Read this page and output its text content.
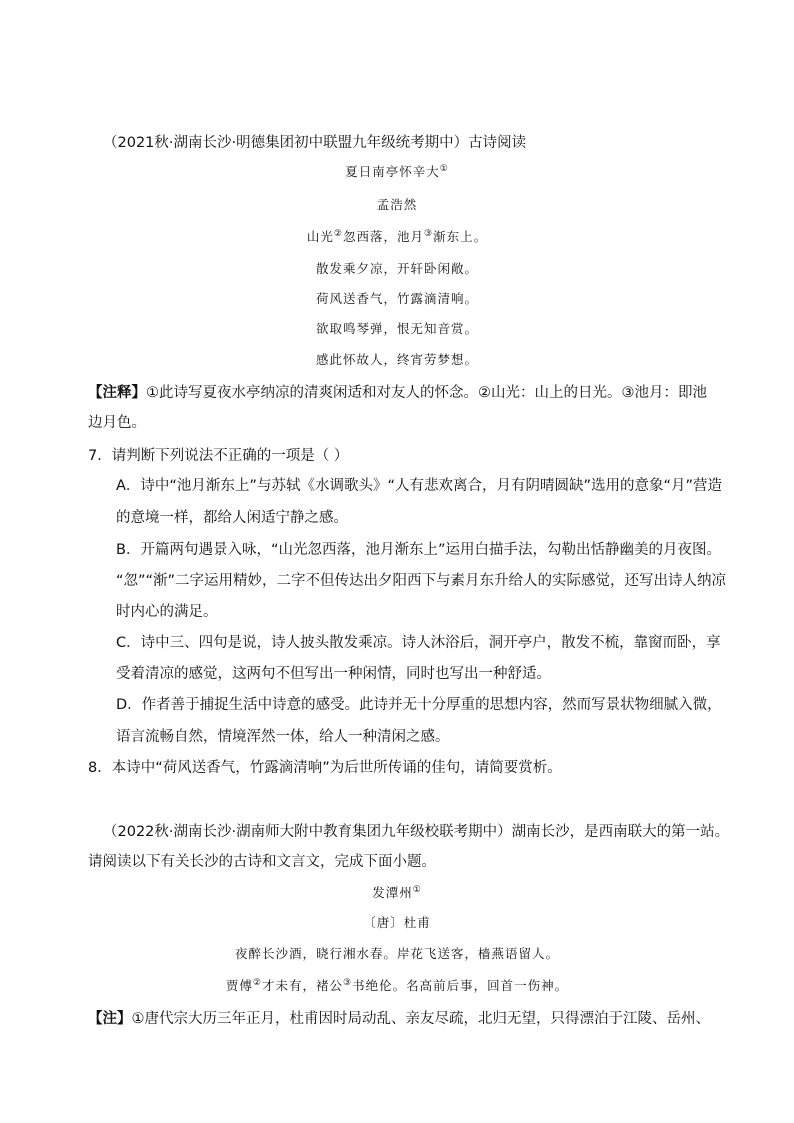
（2021秋·湖南长沙·明德集团初中联盟九年级统考期中）古诗阅读
夏日南亭怀辛大①
孟浩然
山光②忽西落，池月③渐东上。
散发乘夕凉，开轩卧闲敞。
荷风送香气，竹露滴清响。
欲取鸣琴弹，恨无知音赏。
感此怀故人，终宵劳梦想。
【注释】①此诗写夏夜水亭纳凉的清爽闲适和对友人的怀念。②山光：山上的日光。③池月：即池
边月色。
7．请判断下列说法不正确的一项是（ ）
A．诗中“池月渐东上”与苏轼《水调歌头》“人有悲欢离合，月有阴晴圆缺”选用的意象“月”营造
的意境一样，都给人闲适宁静之感。
B．开篇两句遇景入咏，“山光忽西落，池月渐东上”运用白描手法，勾勒出恬静幽美的月夜图。
“忽”“渐”二字运用精妙，二字不但传达出夕阳西下与素月东升给人的实际感觉，还写出诗人纳凉
时内心的满足。
C．诗中三、四句是说，诗人披头散发乘凉。诗人沐浴后，洞开亭户，散发不梳，靠窗而卧，享
受着清凉的感觉，这两句不但写出一种闲情，同时也写出一种舒适。
D．作者善于捕捉生活中诗意的感受。此诗并无十分厚重的思想内容，然而写景状物细腻入微，
语言流畅自然，情境浑然一体，给人一种清闲之感。
8．本诗中“荷风送香气，竹露滴清响”为后世所传诵的佳句，请简要赏析。
（2022秋·湖南长沙·湖南师大附中教育集团九年级校联考期中）湖南长沙，是西南联大的第一站。
请阅读以下有关长沙的古诗和文言文，完成下面小题。
发潭州①
〔唐〕杜甫
夜醉长沙酒，晓行湘水春。岸花飞送客，樯燕语留人。
贾傅②才未有，褚公③书绝伦。名高前后事，回首一伤神。
【注】①唐代宗大历三年正月，杜甫因时局动乱、亲友尽疏，北归无望，只得漂泊于江陵、岳州、
